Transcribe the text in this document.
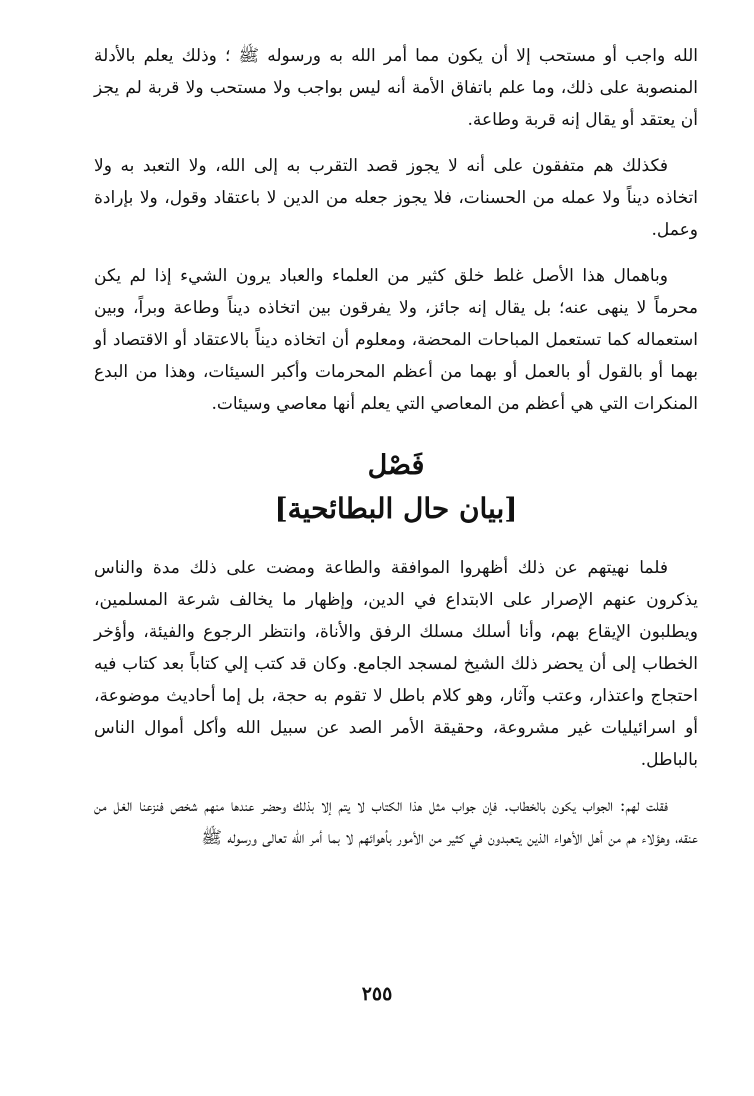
الله واجب أو مستحب إلا أن يكون مما أمر الله به ورسوله ﷺ ؛ وذلك يعلم بالأدلة المنصوبة على ذلك، وما علم باتفاق الأمة أنه ليس بواجب ولا مستحب ولا قربة لم يجز أن يعتقد أو يقال إنه قربة وطاعة.

فكذلك هم متفقون على أنه لا يجوز قصد التقرب به إلى الله، ولا التعبد به ولا اتخاذه ديناً ولا عمله من الحسنات، فلا يجوز جعله من الدين لا باعتقاد وقول، ولا بإرادة وعمل.

وباهمال هذا الأصل غلط خلق كثير من العلماء والعباد يرون الشيء إذا لم يكن محرماً لا ينهى عنه؛ بل يقال إنه جائز، ولا يفرقون بين اتخاذه ديناً وطاعة وبراً، وبين استعماله كما تستعمل المباحات المحضة، ومعلوم أن اتخاذه ديناً بالاعتقاد أو الاقتصاد أو بهما أو بالقول أو بالعمل أو بهما من أعظم المحرمات وأكبر السيئات، وهذا من البدع المنكرات التي هي أعظم من المعاصي التي يعلم أنها معاصي وسيئات.

فَصْل
[بيان حال البطائحية]

فلما نهيتهم عن ذلك أظهروا الموافقة والطاعة ومضت على ذلك مدة والناس يذكرون عنهم الإصرار على الابتداع في الدين، وإظهار ما يخالف شرعة المسلمين، ويطلبون الإيقاع بهم، وأنا أسلك مسلك الرفق والأناة، وانتظر الرجوع والفيئة، وأؤخر الخطاب إلى أن يحضر ذلك الشيخ لمسجد الجامع. وكان قد كتب إلي كتاباً بعد كتاب فيه احتجاج واعتذار، وعتب وآثار، وهو كلام باطل لا تقوم به حجة، بل إما أحاديث موضوعة، أو اسرائيليات غير مشروعة، وحقيقة الأمر الصد عن سبيل الله وأكل أموال الناس بالباطل.

فقلت لهم: الجواب يكون بالخطاب. فإن جواب مثل هذا الكتاب لا يتم إلا بذلك وحضر عندها منهم شخص فنزعنا الغل من عنقه، وهؤلاء هم من أهل الأهواء الذين يتعبدون في كثير من الأمور بأهوائهم لا بما أمر الله تعالى ورسوله ﷺ

٢٥٥
